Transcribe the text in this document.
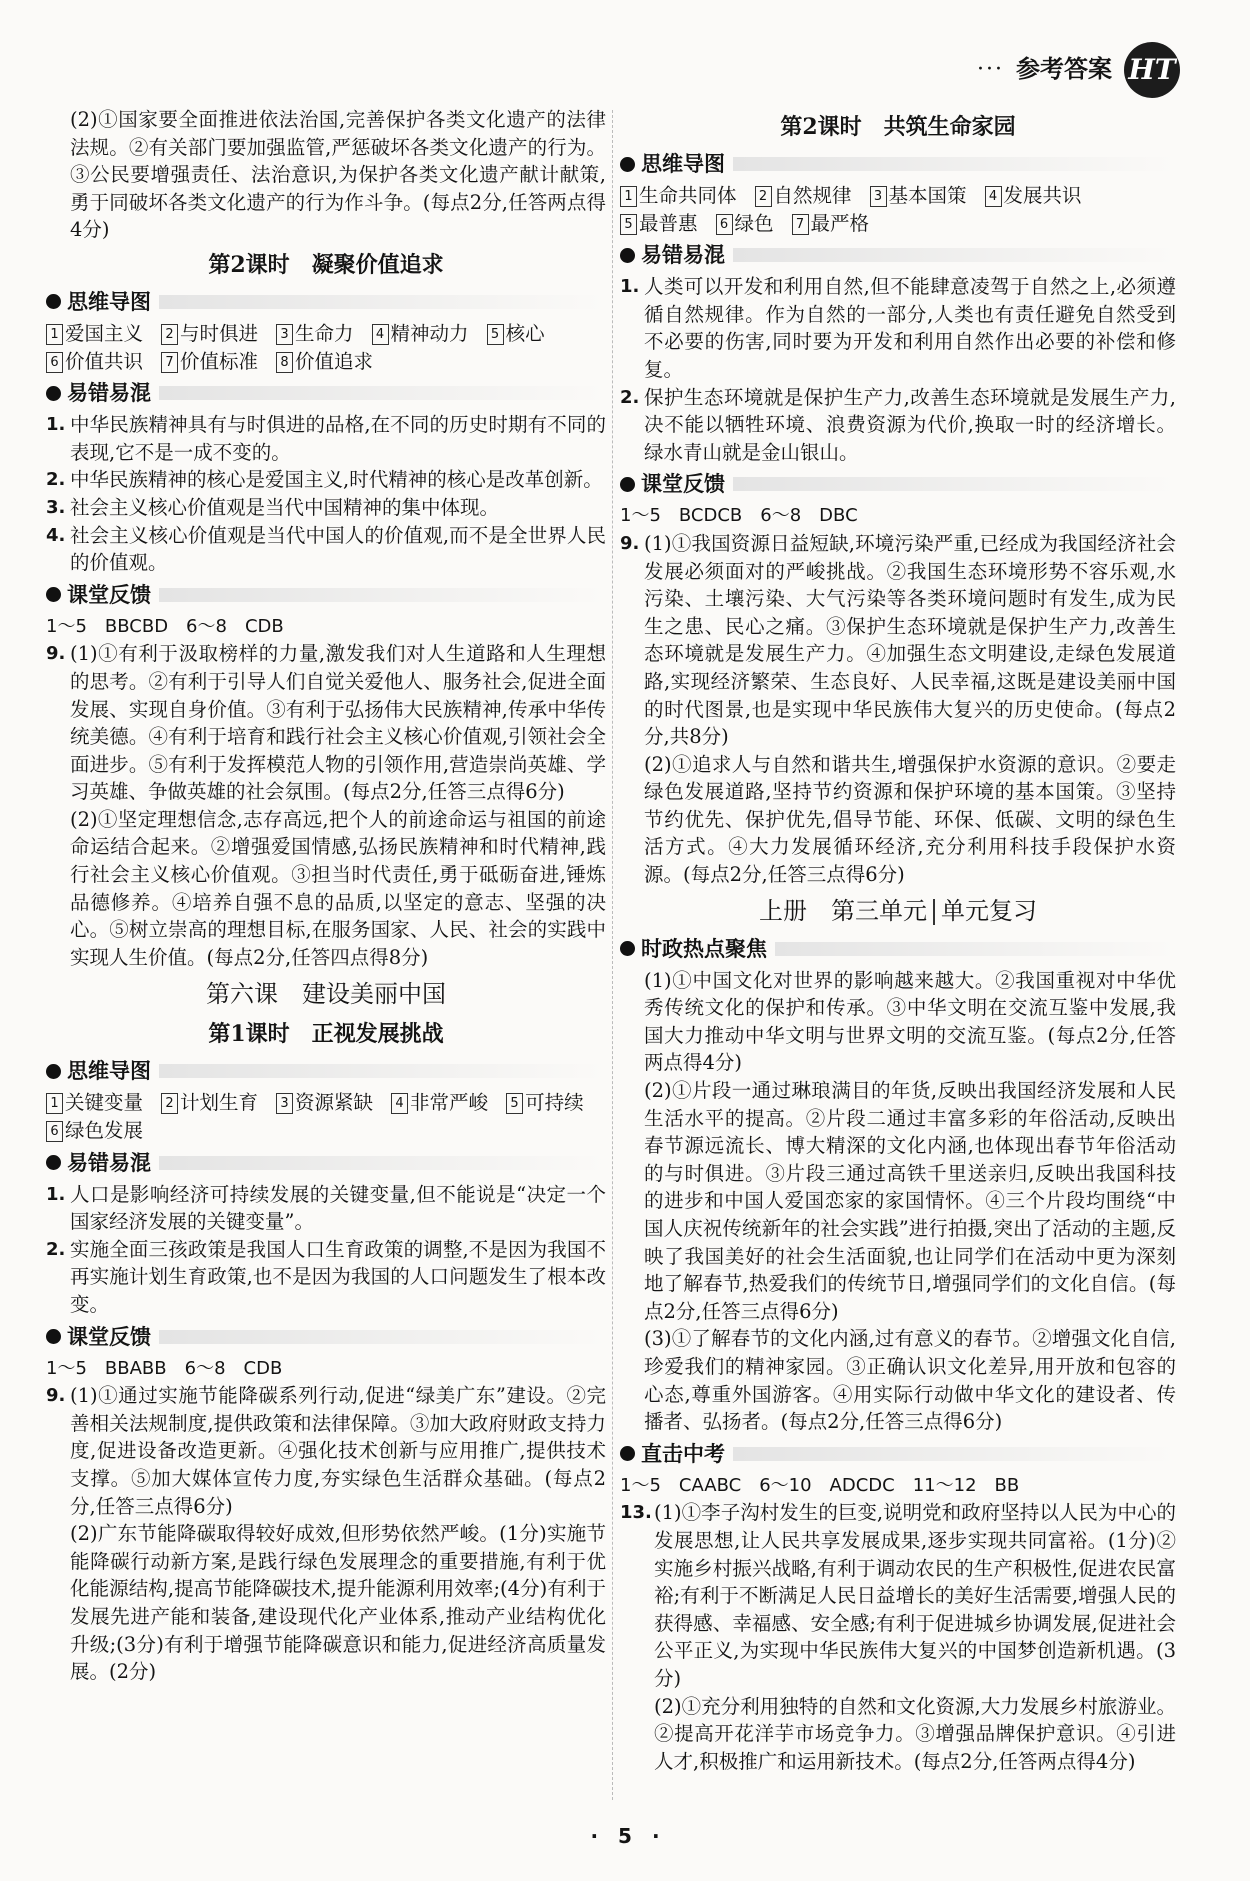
··· 参考答案 HT

(2)①国家要全面推进依法治国,完善保护各类文化遗产的法律法规。②有关部门要加强监管,严惩破坏各类文化遗产的行为。③公民要增强责任、法治意识,为保护各类文化遗产献计献策,勇于同破坏各类文化遗产的行为作斗争。(每点2分,任答两点得4分)

第2课时　凝聚价值追求
思维导图
1 爱国主义	2 与时俱进	3 生命力	4 精神动力	5 核心
6 价值共识	7 价值标准	8 价值追求
易错易混
1. 中华民族精神具有与时俱进的品格,在不同的历史时期有不同的表现,它不是一成不变的。
2. 中华民族精神的核心是爱国主义,时代精神的核心是改革创新。
3. 社会主义核心价值观是当代中国精神的集中体现。
4. 社会主义核心价值观是当代中国人的价值观,而不是全世界人民的价值观。
课堂反馈

1～5　BBCBD　6～8　CDB

9. (1)①有利于汲取榜样的力量,激发我们对人生道路和人生理想的思考。②有利于引导人们自觉关爱他人、服务社会,促进全面发展、实现自身价值。③有利于弘扬伟大民族精神,传承中华传统美德。④有利于培育和践行社会主义核心价值观,引领社会全面进步。⑤有利于发挥模范人物的引领作用,营造崇尚英雄、学习英雄、争做英雄的社会氛围。(每点2分,任答三点得6分)

(2)①坚定理想信念,志存高远,把个人的前途命运与祖国的前途命运结合起来。②增强爱国情感,弘扬民族精神和时代精神,践行社会主义核心价值观。③担当时代责任,勇于砥砺奋进,锤炼品德修养。④培养自强不息的品质,以坚定的意志、坚强的决心。⑤树立崇高的理想目标,在服务国家、人民、社会的实践中实现人生价值。(每点2分,任答四点得8分)

第六课　建设美丽中国
第1课时　正视发展挑战
思维导图
1 关键变量	2 计划生育	3 资源紧缺	4 非常严峻	5 可持续
6 绿色发展
易错易混
1. 人口是影响经济可持续发展的关键变量,但不能说是“决定一个国家经济发展的关键变量”。
2. 实施全面三孩政策是我国人口生育政策的调整,不是因为我国不再实施计划生育政策,也不是因为我国的人口问题发生了根本改变。
课堂反馈

1～5　BBABB　6～8　CDB

9. (1)①通过实施节能降碳系列行动,促进“绿美广东”建设。②完善相关法规制度,提供政策和法律保障。③加大政府财政支持力度,促进设备改造更新。④强化技术创新与应用推广,提供技术支撑。⑤加大媒体宣传力度,夯实绿色生活群众基础。(每点2分,任答三点得6分)

(2)广东节能降碳取得较好成效,但形势依然严峻。(1分)实施节能降碳行动新方案,是践行绿色发展理念的重要措施,有利于优化能源结构,提高节能降碳技术,提升能源利用效率;(4分)有利于发展先进产能和装备,建设现代化产业体系,推动产业结构优化升级;(3分)有利于增强节能降碳意识和能力,促进经济高质量发展。(2分)

第2课时　共筑生命家园
思维导图
1 生命共同体	2 自然规律	3 基本国策	4 发展共识
5 最普惠	6 绿色	7 最严格
易错易混
1. 人类可以开发和利用自然,但不能肆意凌驾于自然之上,必须遵循自然规律。作为自然的一部分,人类也有责任避免自然受到不必要的伤害,同时要为开发和利用自然作出必要的补偿和修复。
2. 保护生态环境就是保护生产力,改善生态环境就是发展生产力,决不能以牺牲环境、浪费资源为代价,换取一时的经济增长。绿水青山就是金山银山。
课堂反馈

1～5　BCDCB　6～8　DBC

9. (1)①我国资源日益短缺,环境污染严重,已经成为我国经济社会发展必须面对的严峻挑战。②我国生态环境形势不容乐观,水污染、土壤污染、大气污染等各类环境问题时有发生,成为民生之患、民心之痛。③保护生态环境就是保护生产力,改善生态环境就是发展生产力。④加强生态文明建设,走绿色发展道路,实现经济繁荣、生态良好、人民幸福,这既是建设美丽中国的时代图景,也是实现中华民族伟大复兴的历史使命。(每点2分,共8分)

(2)①追求人与自然和谐共生,增强保护水资源的意识。②要走绿色发展道路,坚持节约资源和保护环境的基本国策。③坚持节约优先、保护优先,倡导节能、环保、低碳、文明的绿色生活方式。④大力发展循环经济,充分利用科技手段保护水资源。(每点2分,任答三点得6分)

上册　第三单元 单元复习
时政热点聚焦

(1)①中国文化对世界的影响越来越大。②我国重视对中华优秀传统文化的保护和传承。③中华文明在交流互鉴中发展,我国大力推动中华文明与世界文明的交流互鉴。(每点2分,任答两点得4分)

(2)①片段一通过琳琅满目的年货,反映出我国经济发展和人民生活水平的提高。②片段二通过丰富多彩的年俗活动,反映出春节源远流长、博大精深的文化内涵,也体现出春节年俗活动的与时俱进。③片段三通过高铁千里送亲归,反映出我国科技的进步和中国人爱国恋家的家国情怀。④三个片段均围绕“中国人庆祝传统新年的社会实践”进行拍摄,突出了活动的主题,反映了我国美好的社会生活面貌,也让同学们在活动中更为深刻地了解春节,热爱我们的传统节日,增强同学们的文化自信。(每点2分,任答三点得6分)

(3)①了解春节的文化内涵,过有意义的春节。②增强文化自信,珍爱我们的精神家园。③正确认识文化差异,用开放和包容的心态,尊重外国游客。④用实际行动做中华文化的建设者、传播者、弘扬者。(每点2分,任答三点得6分)

直击中考

1～5　CAABC　6～10　ADCDC　11～12　BB

13. (1)①李子沟村发生的巨变,说明党和政府坚持以人民为中心的发展思想,让人民共享发展成果,逐步实现共同富裕。(1分)②实施乡村振兴战略,有利于调动农民的生产积极性,促进农民富裕;有利于不断满足人民日益增长的美好生活需要,增强人民的获得感、幸福感、安全感;有利于促进城乡协调发展,促进社会公平正义,为实现中华民族伟大复兴的中国梦创造新机遇。(3分)

(2)①充分利用独特的自然和文化资源,大力发展乡村旅游业。②提高开花洋芋市场竞争力。③增强品牌保护意识。④引进人才,积极推广和运用新技术。(每点2分,任答两点得4分)

·　5　·
